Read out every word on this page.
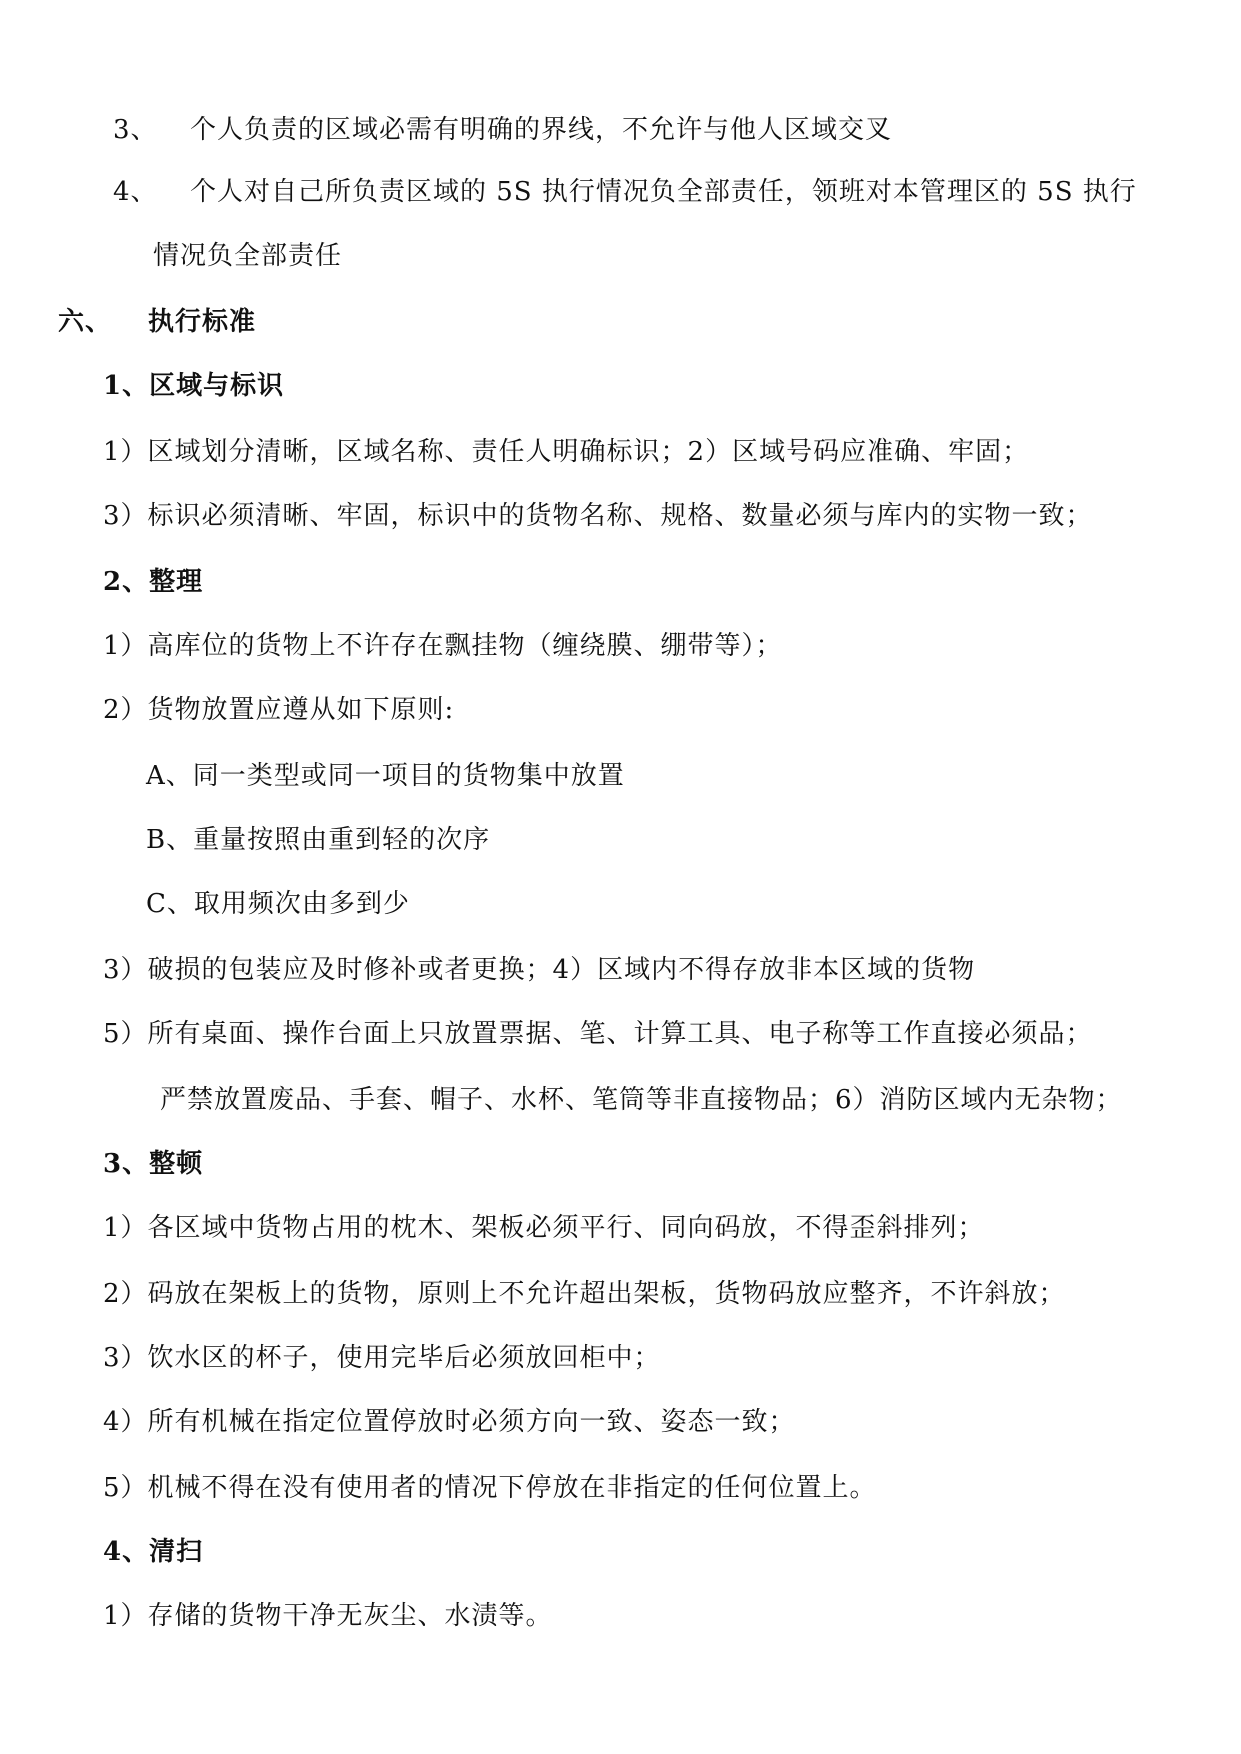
3、 个人负责的区域必需有明确的界线，不允许与他人区域交叉
4、 个人对自己所负责区域的 5S 执行情况负全部责任，领班对本管理区的 5S 执行
情况负全部责任
六、 执行标准
1、区域与标识
1）区域划分清晰，区域名称、责任人明确标识；2）区域号码应准确、牢固；
3）标识必须清晰、牢固，标识中的货物名称、规格、数量必须与库内的实物一致；
2、整理
1）高库位的货物上不许存在飘挂物（缠绕膜、绷带等）；
2）货物放置应遵从如下原则:
A、同一类型或同一项目的货物集中放置
B、重量按照由重到轻的次序
C、取用频次由多到少
3）破损的包装应及时修补或者更换；4）区域内不得存放非本区域的货物
5）所有桌面、操作台面上只放置票据、笔、计算工具、电子称等工作直接必须品；
严禁放置废品、手套、帽子、水杯、笔筒等非直接物品；6）消防区域内无杂物；
3、整顿
1）各区域中货物占用的枕木、架板必须平行、同向码放，不得歪斜排列；
2）码放在架板上的货物，原则上不允许超出架板，货物码放应整齐，不许斜放；
3）饮水区的杯子，使用完毕后必须放回柜中；
4）所有机械在指定位置停放时必须方向一致、姿态一致；
5）机械不得在没有使用者的情况下停放在非指定的任何位置上。
4、清扫
1）存储的货物干净无灰尘、水渍等。
